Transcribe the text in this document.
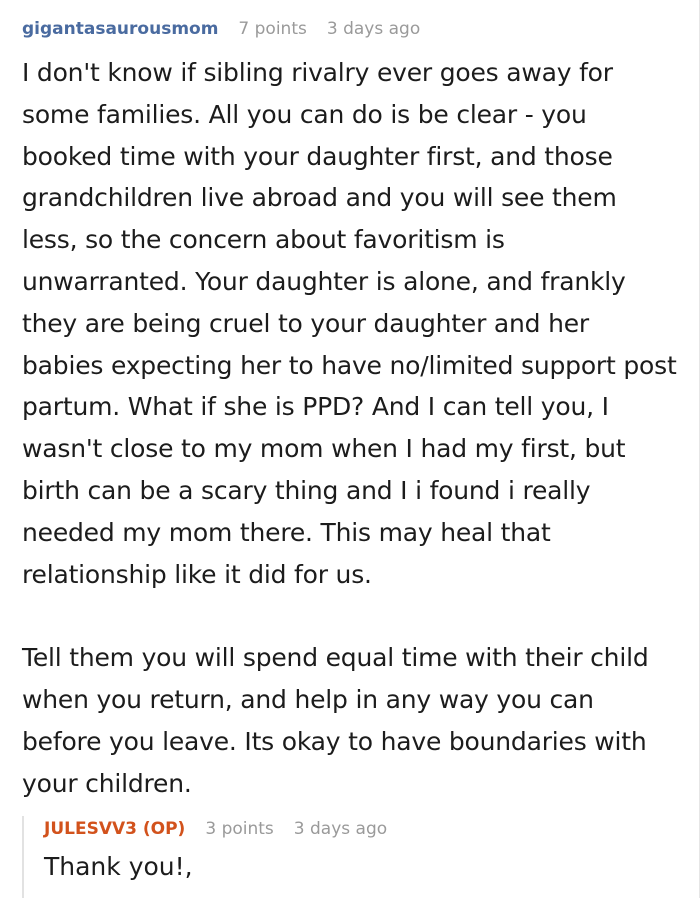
gigantasaurousmom 7 points 3 days ago

I don't know if sibling rivalry ever goes away for some families. All you can do is be clear - you booked time with your daughter first, and those grandchildren live abroad and you will see them less, so the concern about favoritism is unwarranted. Your daughter is alone, and frankly they are being cruel to your daughter and her babies expecting her to have no/limited support post partum. What if she is PPD? And I can tell you, I wasn't close to my mom when I had my first, but birth can be a scary thing and I i found i really needed my mom there. This may heal that relationship like it did for us.

Tell them you will spend equal time with their child when you return, and help in any way you can before you leave. Its okay to have boundaries with your children.

JULESVV3 (OP) 3 points 3 days ago
Thank you!,
